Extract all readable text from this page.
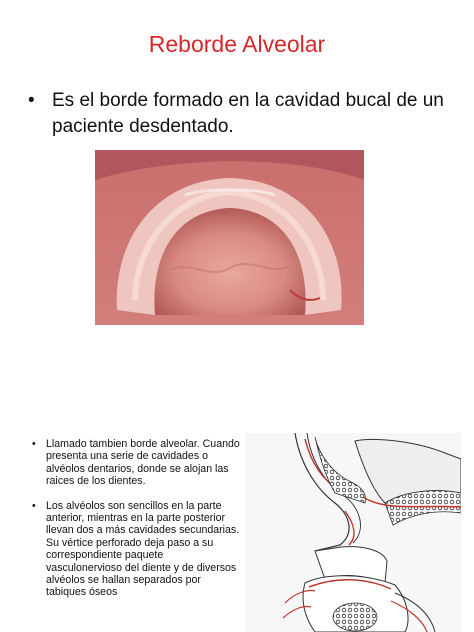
Reborde Alveolar
• Es el borde formado en la cavidad bucal de un paciente desdentado.
• Llamado tambien borde alveolar. Cuando presenta una serie de cavidades o alvéolos dentarios, donde se alojan las raices de los dientes.
• Los alvéolos son sencillos en la parte anterior, mientras en la parte posterior llevan dos a más cavidades secundarias. Su vértice perforado deja paso a su correspondiente paquete vasculonervioso del diente y de diversos alvéolos se hallan separados por tabiques óseos
